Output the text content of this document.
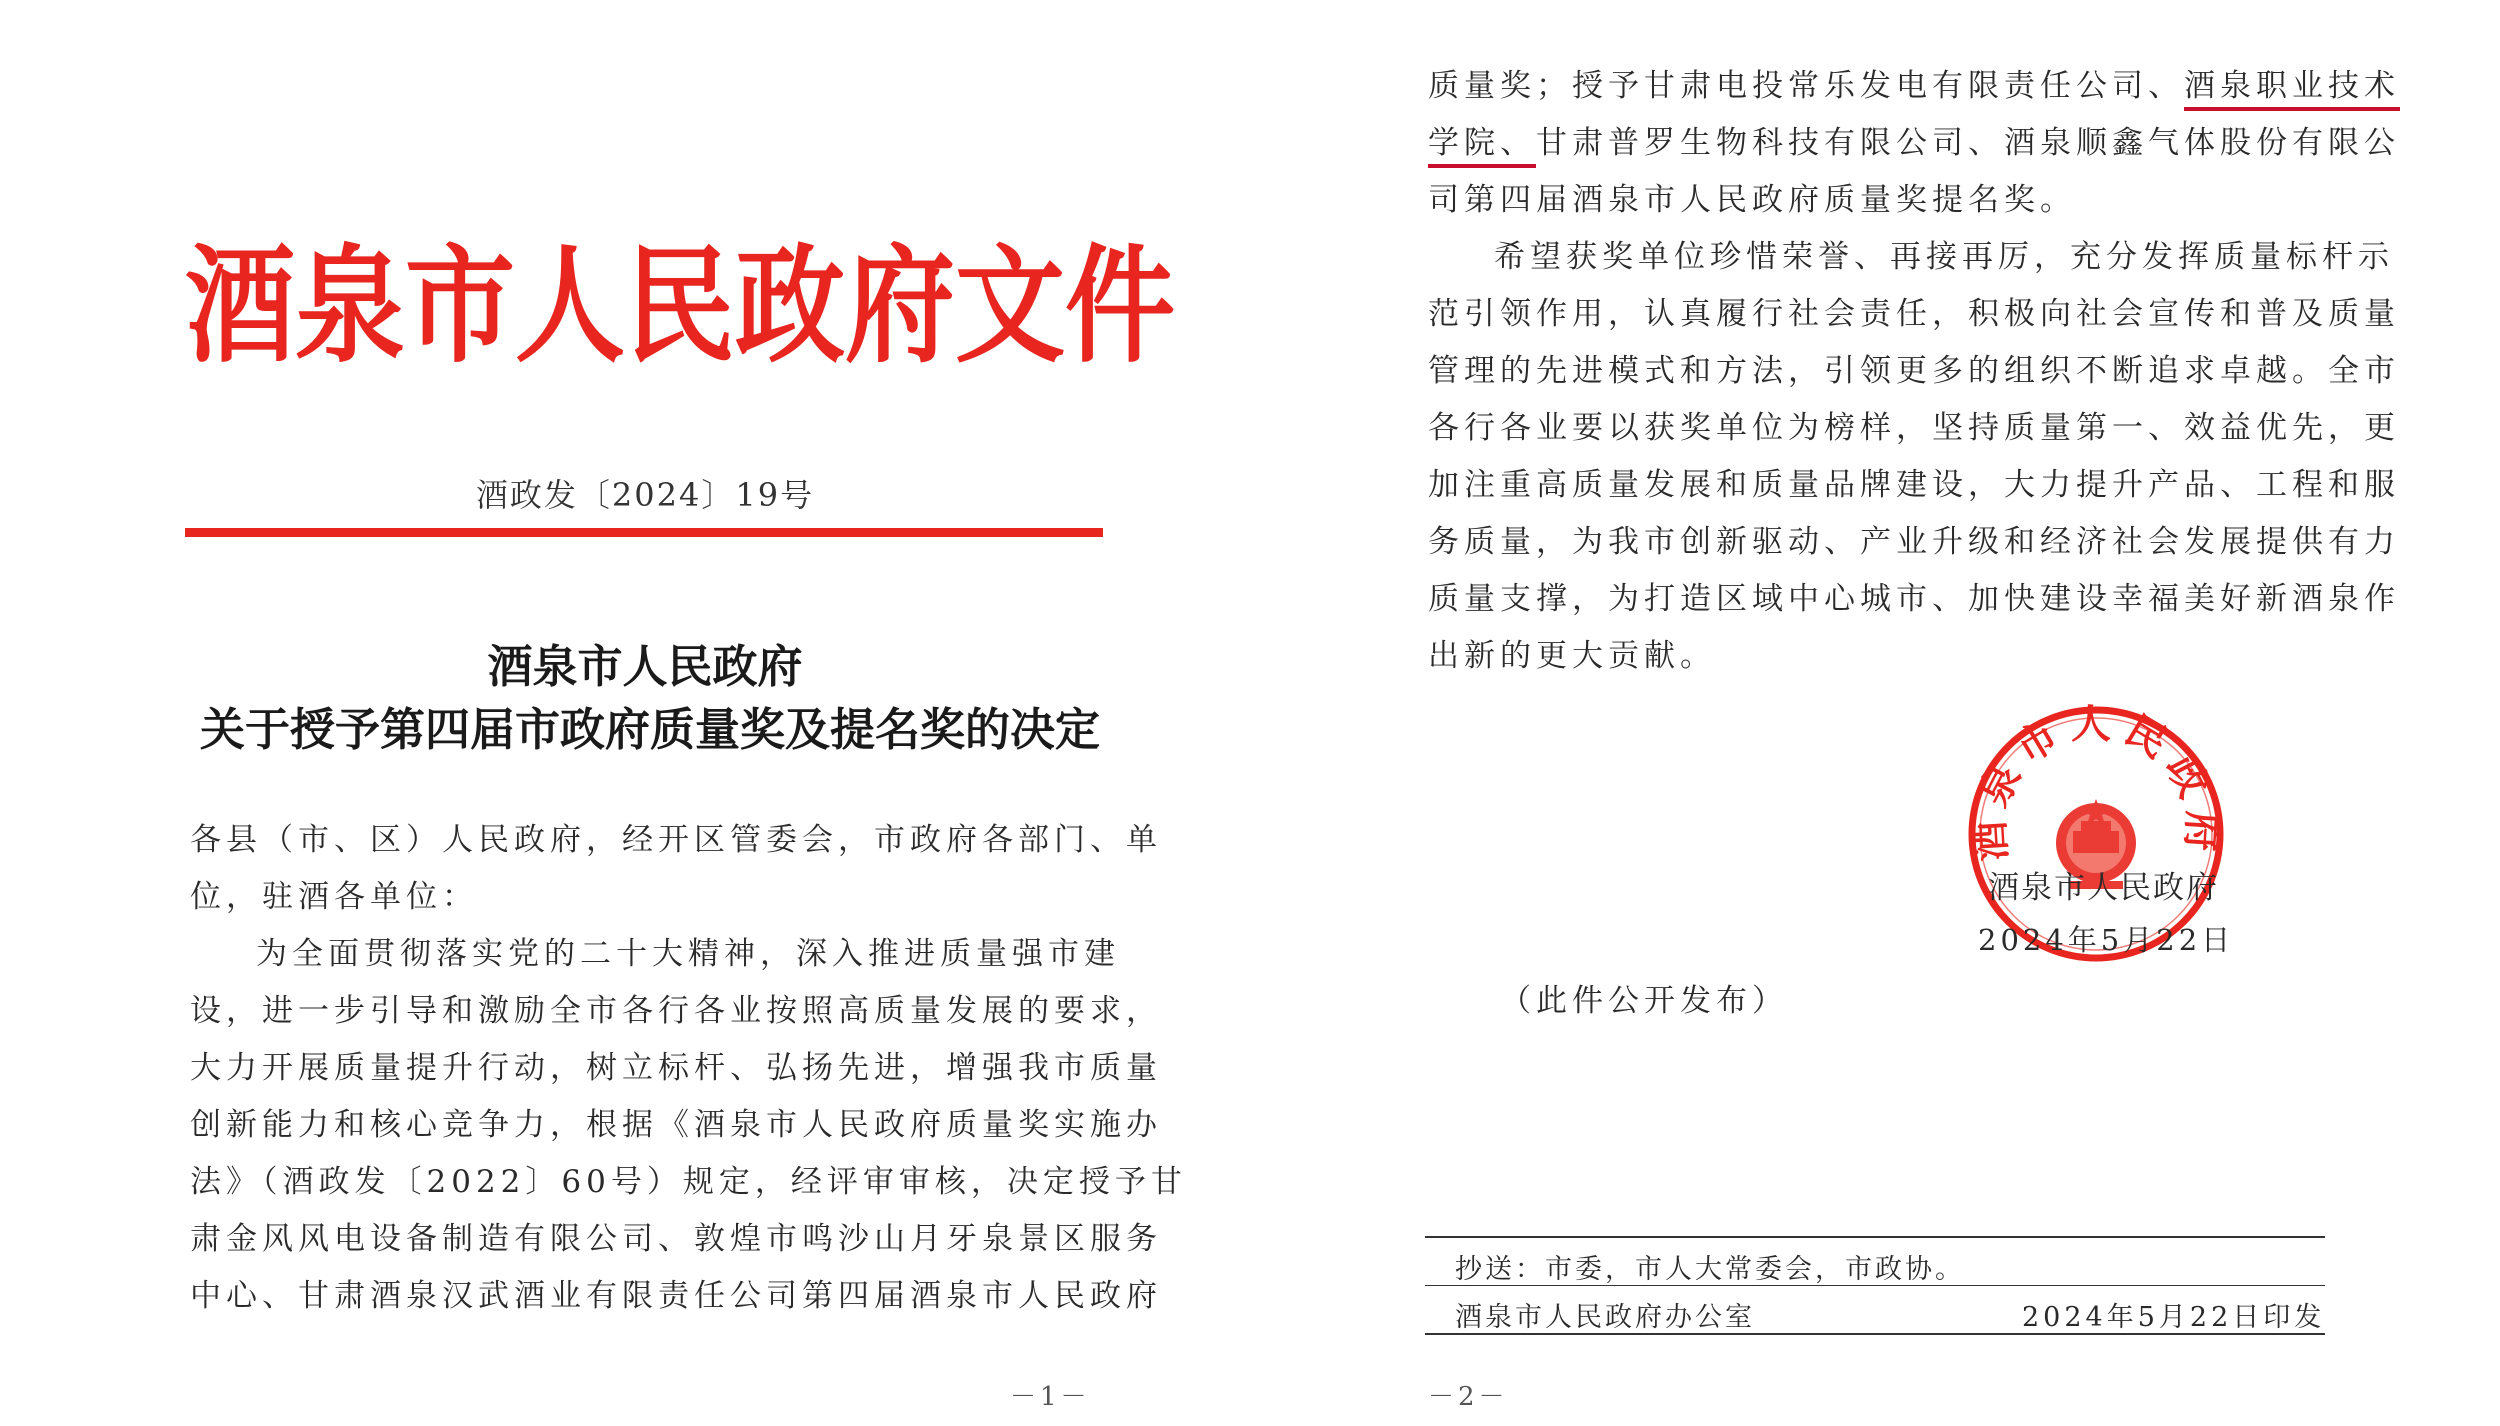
酒泉市人民政府文件
酒政发〔2024〕19号
酒泉市人民政府
关于授予第四届市政府质量奖及提名奖的决定
各县（市、区）人民政府，经开区管委会，市政府各部门、单
位，驻酒各单位：
为全面贯彻落实党的二十大精神，深入推进质量强市建
设，进一步引导和激励全市各行各业按照高质量发展的要求，
大力开展质量提升行动，树立标杆、弘扬先进，增强我市质量
创新能力和核心竞争力，根据《酒泉市人民政府质量奖实施办
法》（酒政发〔2022〕60号）规定，经评审审核，决定授予甘
肃金风风电设备制造有限公司、敦煌市鸣沙山月牙泉景区服务
中心、甘肃酒泉汉武酒业有限责任公司第四届酒泉市人民政府
－1－
质量奖；授予甘肃电投常乐发电有限责任公司、酒泉职业技术
学院、甘肃普罗生物科技有限公司、酒泉顺鑫气体股份有限公
司第四届酒泉市人民政府质量奖提名奖。
希望获奖单位珍惜荣誉、再接再厉，充分发挥质量标杆示
范引领作用，认真履行社会责任，积极向社会宣传和普及质量
管理的先进模式和方法，引领更多的组织不断追求卓越。全市
各行各业要以获奖单位为榜样，坚持质量第一、效益优先，更
加注重高质量发展和质量品牌建设，大力提升产品、工程和服
务质量，为我市创新驱动、产业升级和经济社会发展提供有力
质量支撑，为打造区域中心城市、加快建设幸福美好新酒泉作
出新的更大贡献。
酒泉市人民政府
酒泉市人民政府
2024年5月22日
（此件公开发布）
抄送：市委，市人大常委会，市政协。
酒泉市人民政府办公室	2024年5月22日印发
－2－
